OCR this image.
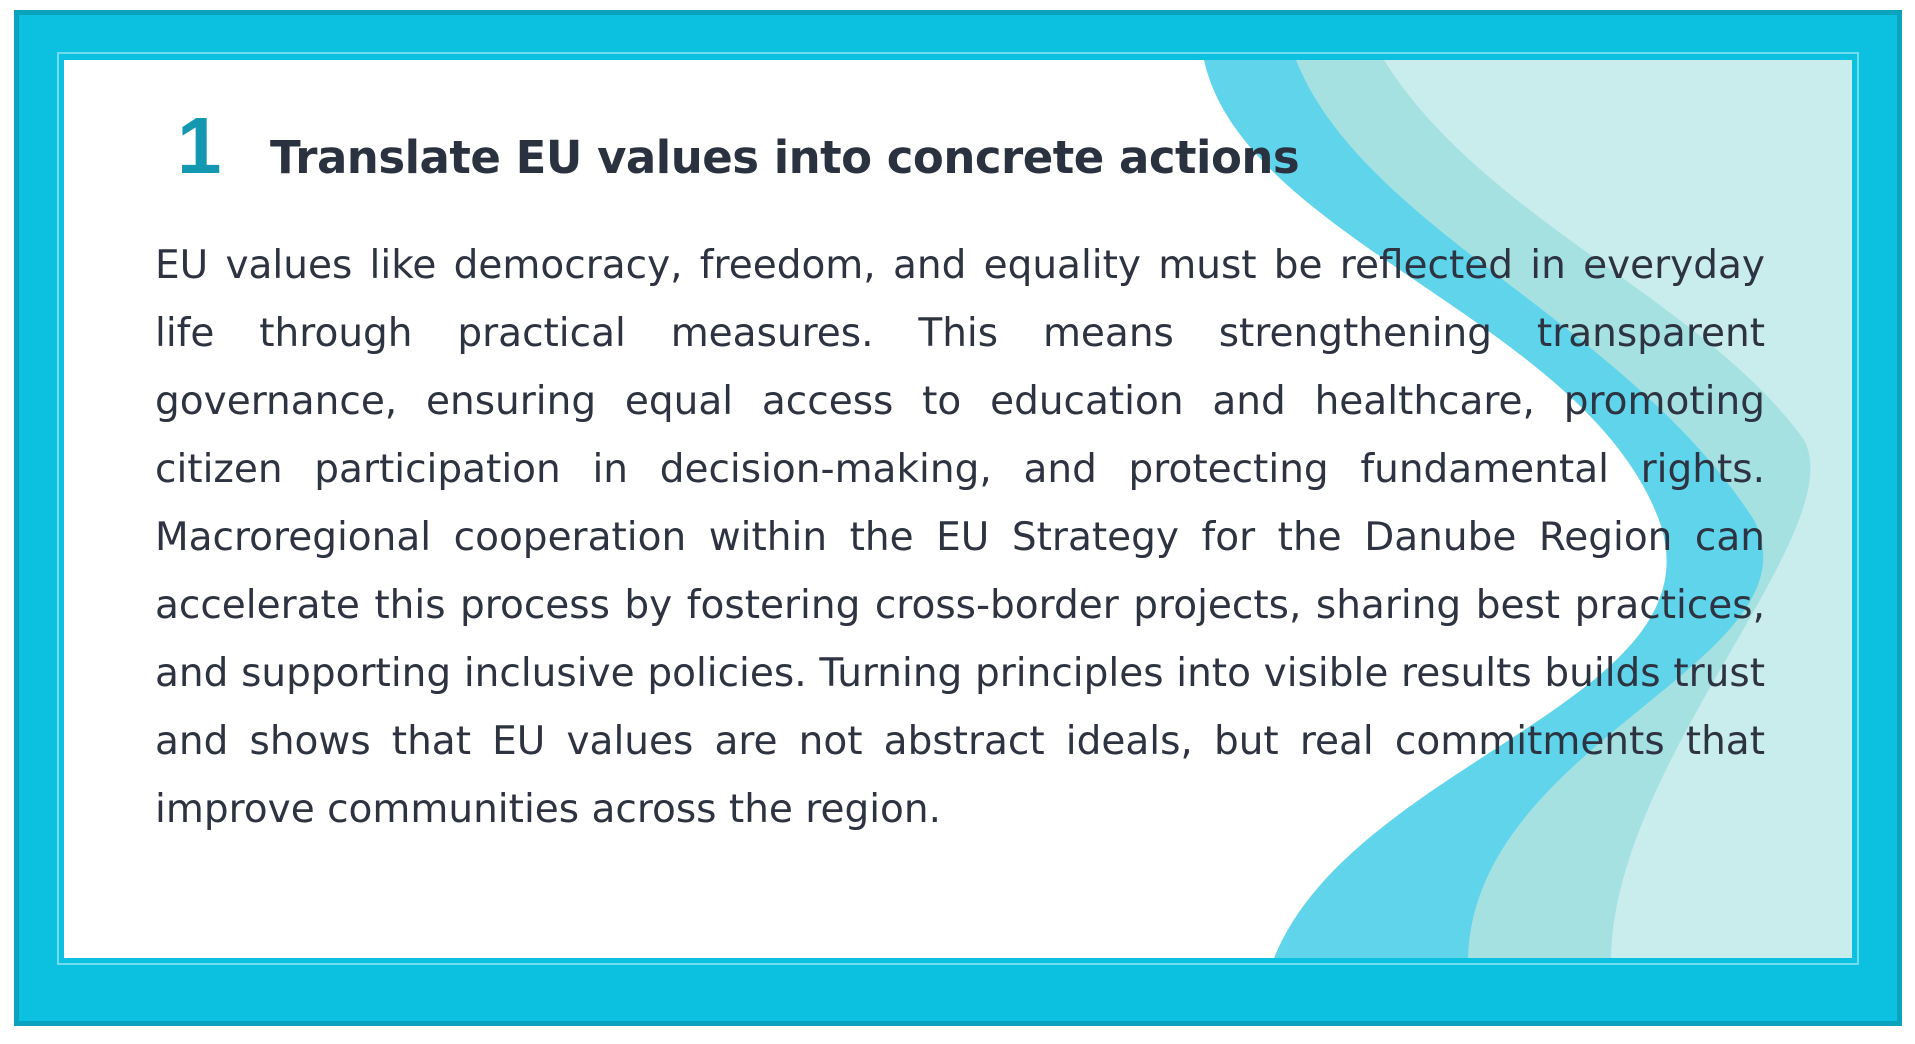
1 Translate EU values into concrete actions

EU values like democracy, freedom, and equality must be reflected in everyday life through practical measures. This means strengthening transparent governance, ensuring equal access to education and healthcare, promoting citizen participation in decision-making, and protecting fundamental rights. Macroregional cooperation within the EU Strategy for the Danube Region can accelerate this process by fostering cross-border projects, sharing best practices, and supporting inclusive policies. Turning principles into visible results builds trust and shows that EU values are not abstract ideals, but real commitments that improve communities across the region.
